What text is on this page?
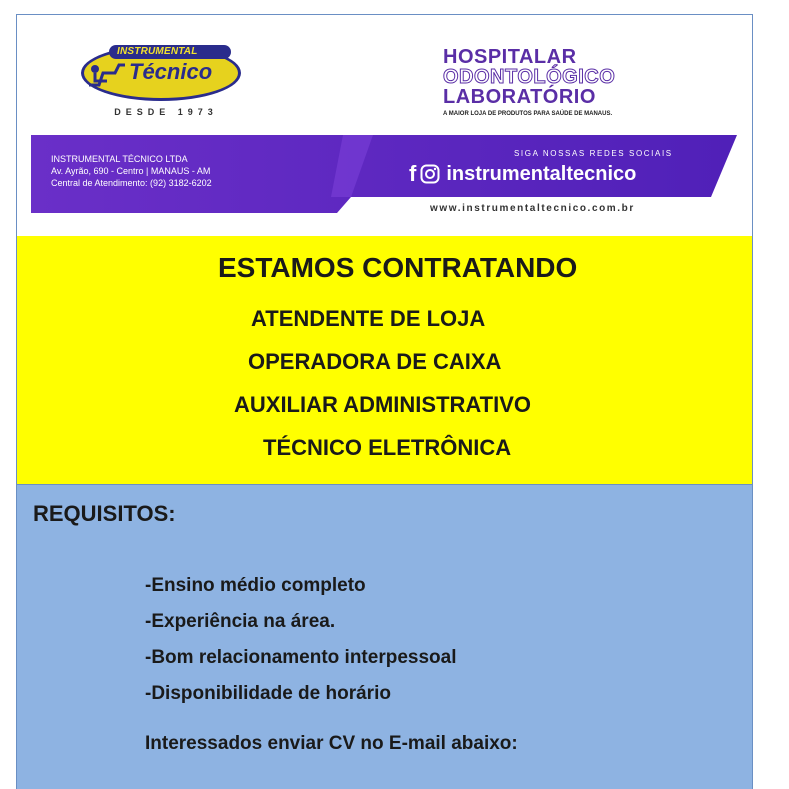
INSTRUMENTAL
Técnico
DESDE 1973
HOSPITALAR
ODONTOLÓGICO
LABORATÓRIO
A MAIOR LOJA DE PRODUTOS PARA SAÚDE DE MANAUS.
INSTRUMENTAL TÉCNICO LTDA
Av. Ayrão, 690 - Centro | MANAUS - AM
Central de Atendimento: (92) 3182-6202
SIGA NOSSAS REDES SOCIAIS
f instrumentaltecnico
www.instrumentaltecnico.com.br
ESTAMOS CONTRATANDO
ATENDENTE DE LOJA
OPERADORA DE CAIXA
AUXILIAR ADMINISTRATIVO
TÉCNICO ELETRÔNICA
REQUISITOS:
-Ensino médio completo
-Experiência na área.
-Bom relacionamento interpessoal
-Disponibilidade de horário
Interessados enviar CV no E-mail abaixo:
